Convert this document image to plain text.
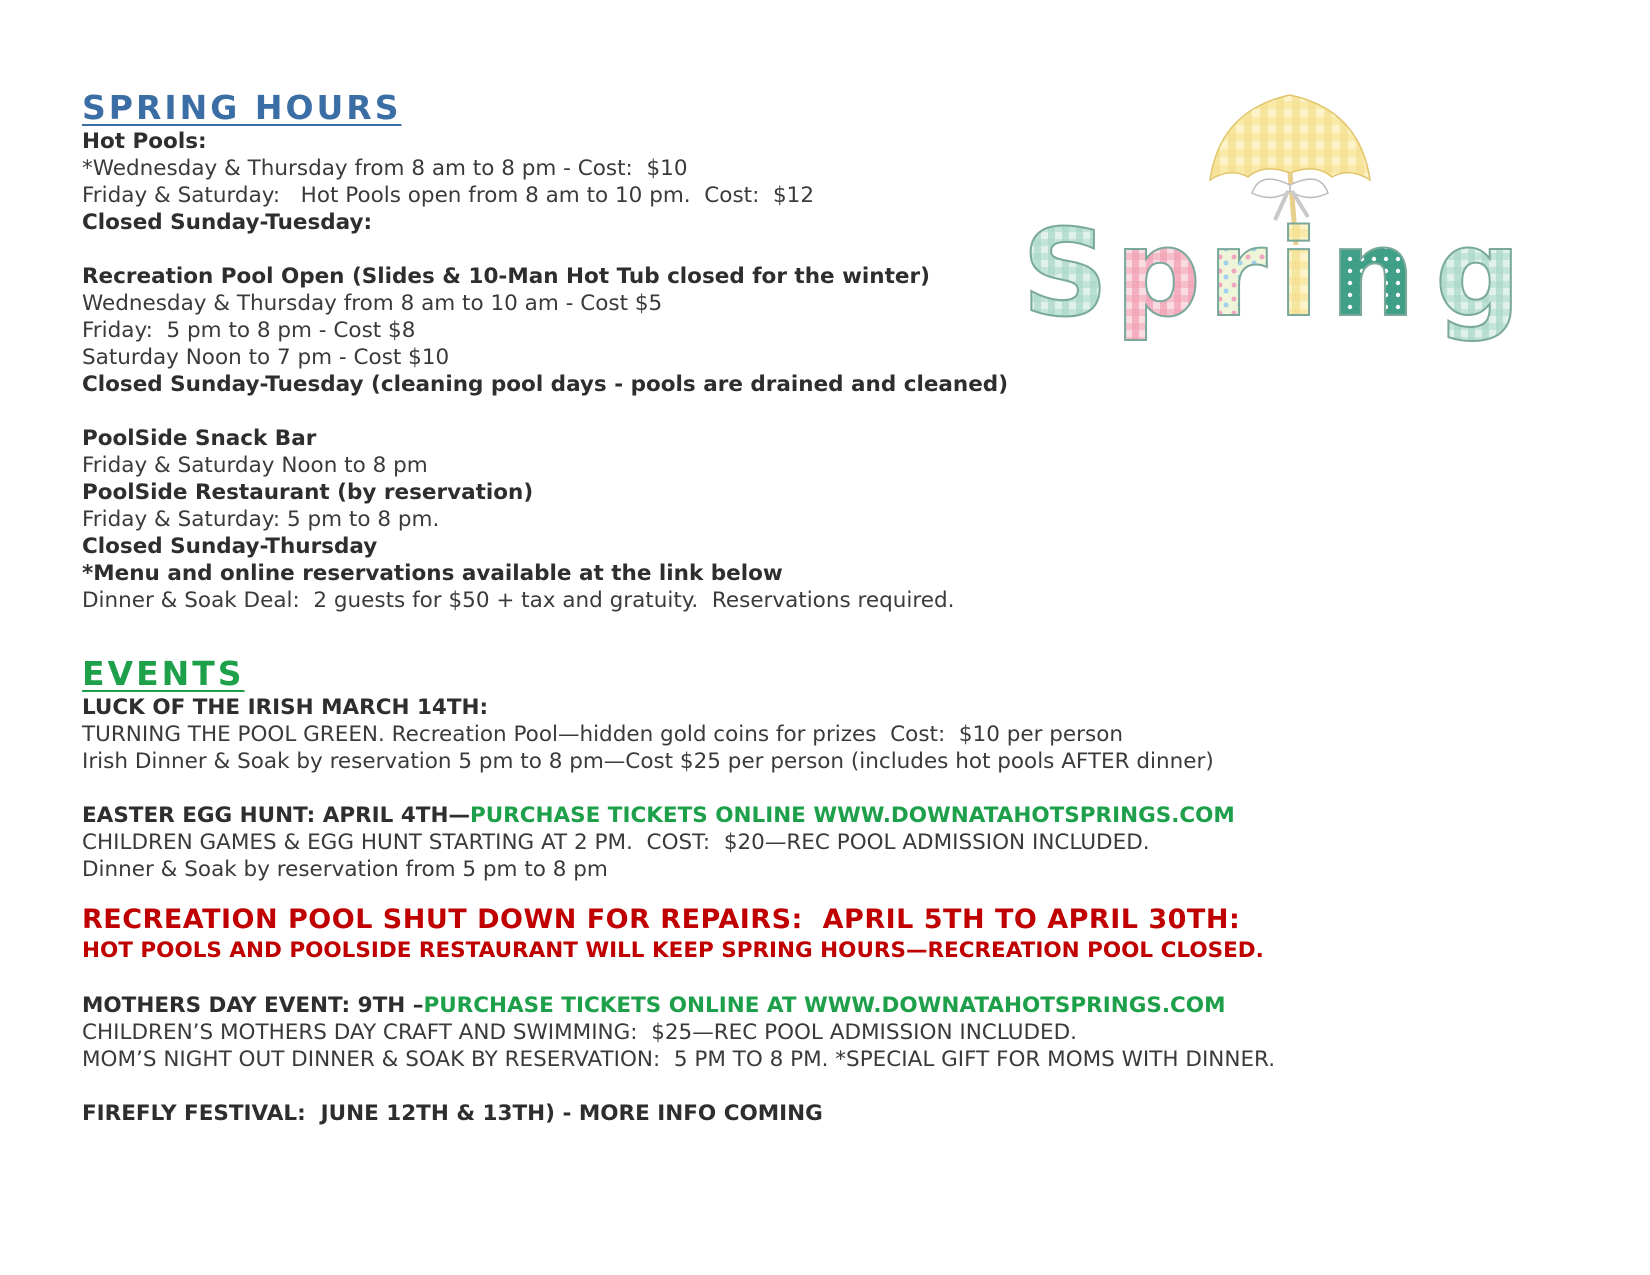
SPRING HOURS

Hot Pools:

*Wednesday & Thursday from 8 am to 8 pm - Cost:  $10

Friday & Saturday:   Hot Pools open from 8 am to 10 pm.  Cost:  $12

Closed Sunday-Tuesday:

Recreation Pool Open (Slides & 10-Man Hot Tub closed for the winter)

Wednesday & Thursday from 8 am to 10 am - Cost $5

Friday:  5 pm to 8 pm - Cost $8

Saturday Noon to 7 pm - Cost $10

Closed Sunday-Tuesday (cleaning pool days - pools are drained and cleaned)

PoolSide Snack Bar

Friday & Saturday Noon to 8 pm

PoolSide Restaurant (by reservation)

Friday & Saturday: 5 pm to 8 pm.

Closed Sunday-Thursday

*Menu and online reservations available at the link below

Dinner & Soak Deal:  2 guests for $50 + tax and gratuity.  Reservations required.

EVENTS

LUCK OF THE IRISH MARCH 14TH:

TURNING THE POOL GREEN. Recreation Pool—hidden gold coins for prizes  Cost:  $10 per person

Irish Dinner & Soak by reservation 5 pm to 8 pm—Cost $25 per person (includes hot pools AFTER dinner)

EASTER EGG HUNT: APRIL 4TH—PURCHASE TICKETS ONLINE WWW.DOWNATAHOTSPRINGS.COM

CHILDREN GAMES & EGG HUNT STARTING AT 2 PM.  COST:  $20—REC POOL ADMISSION INCLUDED.

Dinner & Soak by reservation from 5 pm to 8 pm

RECREATION POOL SHUT DOWN FOR REPAIRS:  APRIL 5TH TO APRIL 30TH:

HOT POOLS AND POOLSIDE RESTAURANT WILL KEEP SPRING HOURS—RECREATION POOL CLOSED.

MOTHERS DAY EVENT: 9TH –PURCHASE TICKETS ONLINE AT WWW.DOWNATAHOTSPRINGS.COM

CHILDREN’S MOTHERS DAY CRAFT AND SWIMMING:  $25—REC POOL ADMISSION INCLUDED.

MOM’S NIGHT OUT DINNER & SOAK BY RESERVATION:  5 PM TO 8 PM. *SPECIAL GIFT FOR MOMS WITH DINNER.

FIREFLY FESTIVAL:  JUNE 12TH & 13TH) - MORE INFO COMING

S p r i n g
